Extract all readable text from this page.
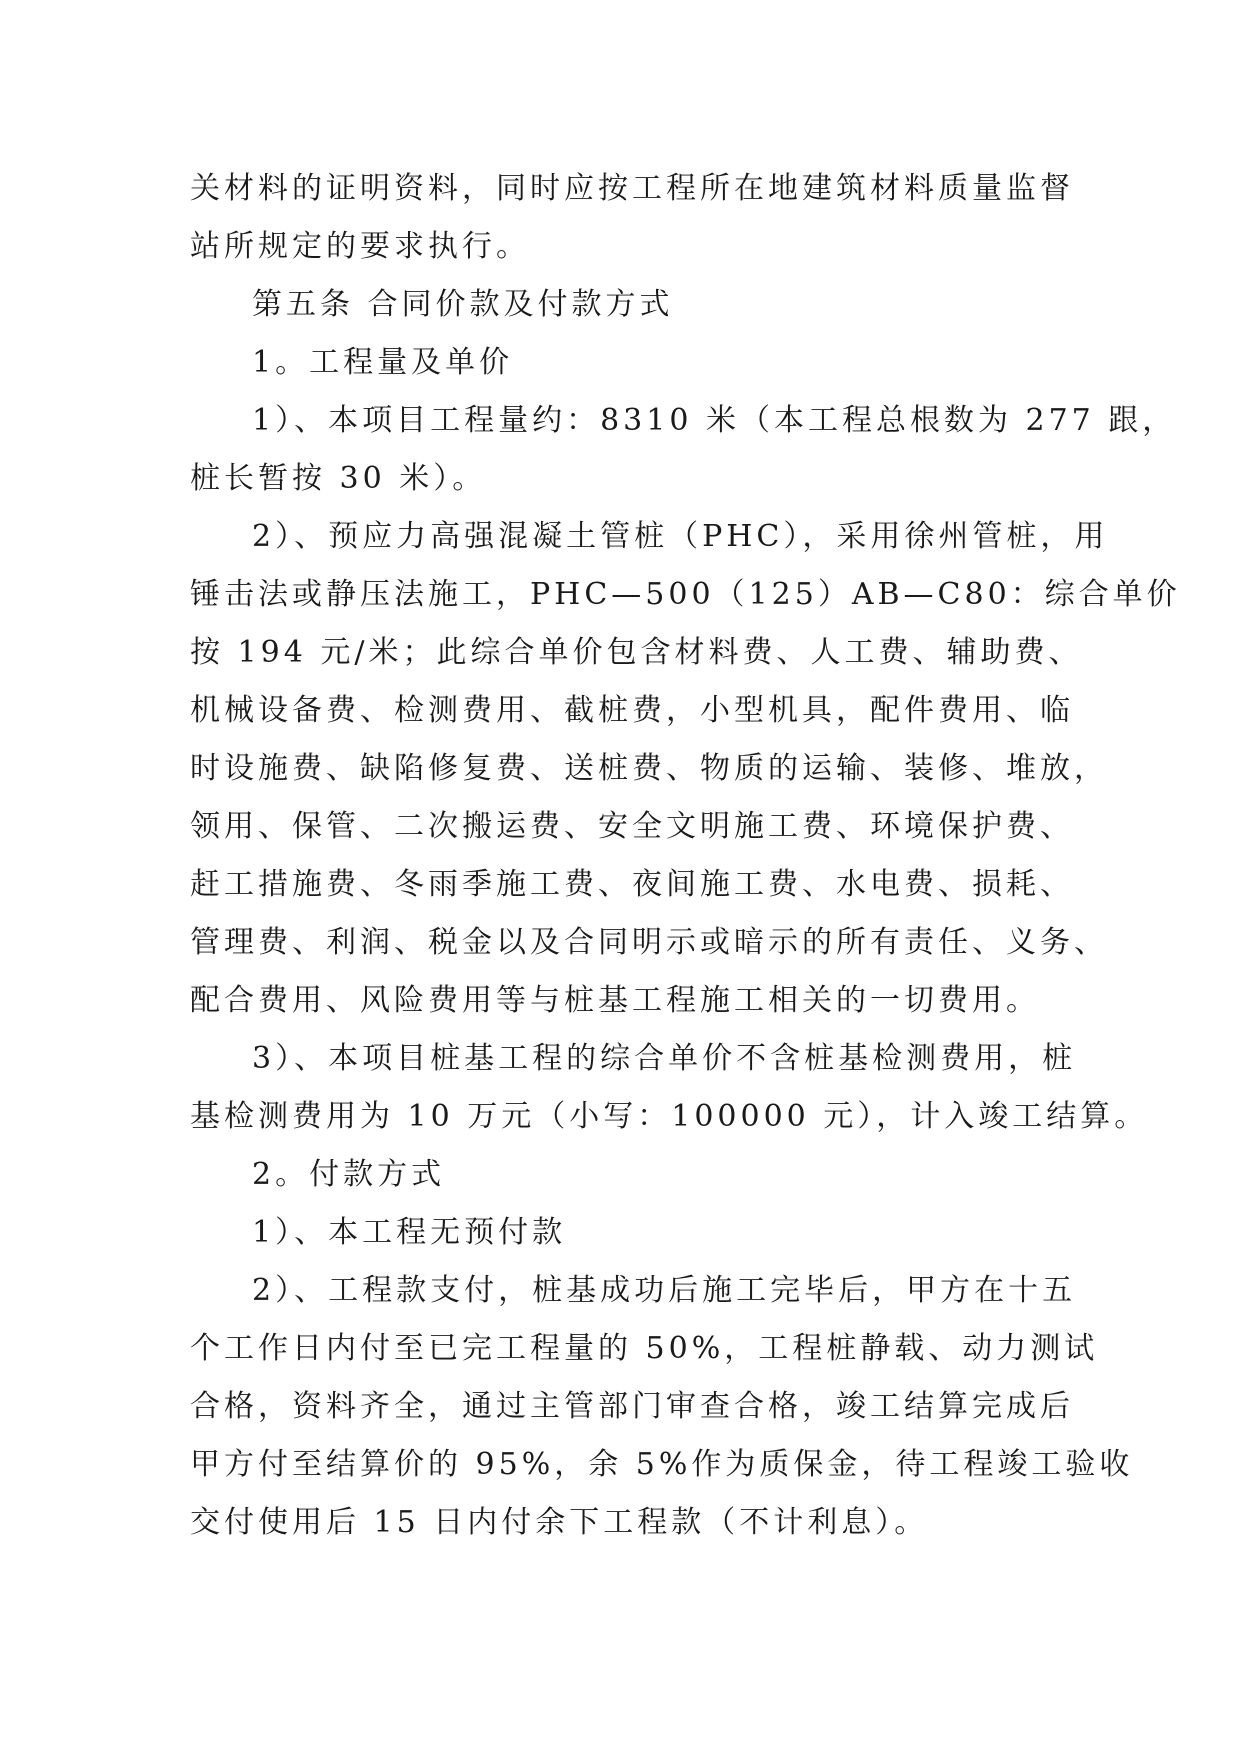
关材料的证明资料，同时应按工程所在地建筑材料质量监督
站所规定的要求执行。
第五条 合同价款及付款方式
1。工程量及单价
1）、本项目工程量约：8310 米（本工程总根数为 277 跟，
桩长暂按 30 米）。
2）、预应力高强混凝土管桩（PHC），采用徐州管桩，用
锤击法或静压法施工，PHC—500（125）AB—C80：综合单价
按 194 元/米；此综合单价包含材料费、人工费、辅助费、
机械设备费、检测费用、截桩费，小型机具，配件费用、临
时设施费、缺陷修复费、送桩费、物质的运输、装修、堆放，
领用、保管、二次搬运费、安全文明施工费、环境保护费、
赶工措施费、冬雨季施工费、夜间施工费、水电费、损耗、
管理费、利润、税金以及合同明示或暗示的所有责任、义务、
配合费用、风险费用等与桩基工程施工相关的一切费用。
3）、本项目桩基工程的综合单价不含桩基检测费用，桩
基检测费用为 10 万元（小写：100000 元），计入竣工结算。
2。付款方式
1）、本工程无预付款
2）、工程款支付，桩基成功后施工完毕后，甲方在十五
个工作日内付至已完工程量的 50%，工程桩静载、动力测试
合格，资料齐全，通过主管部门审查合格，竣工结算完成后
甲方付至结算价的 95%，余 5%作为质保金，待工程竣工验收
交付使用后 15 日内付余下工程款（不计利息）。
